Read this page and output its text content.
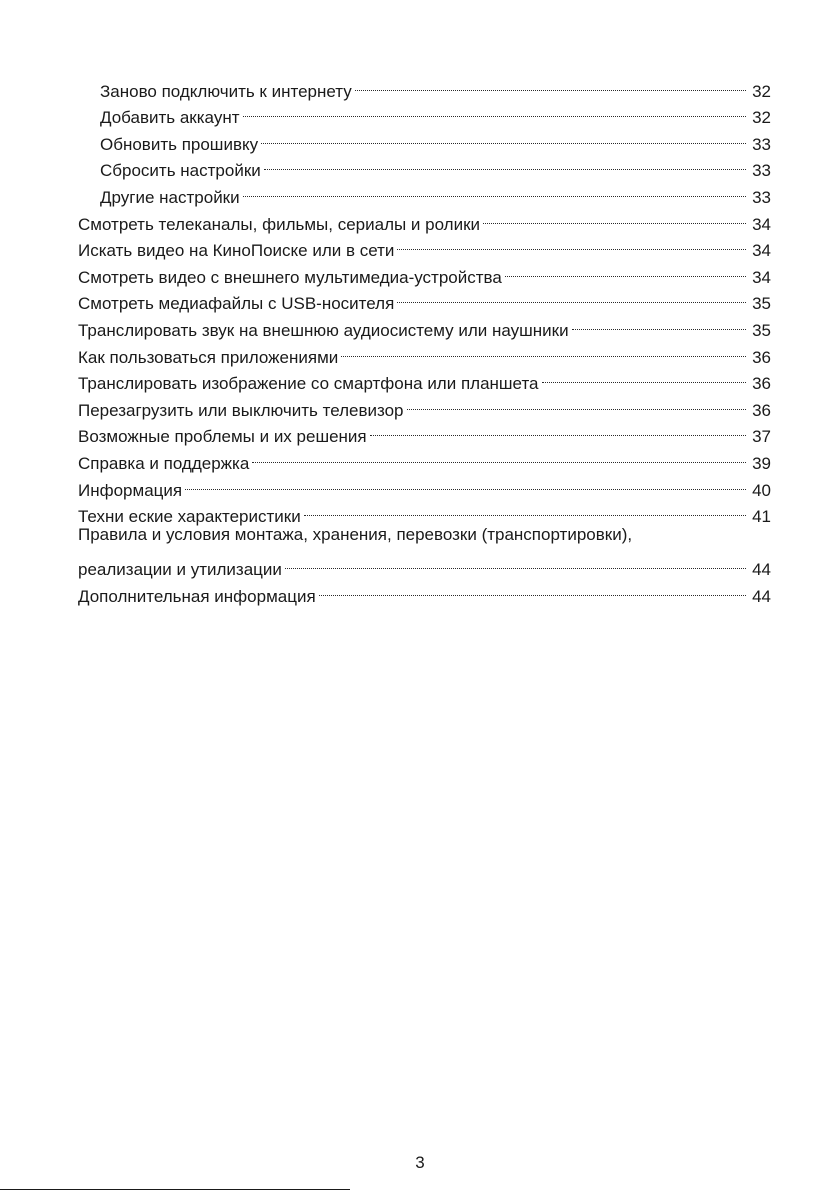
Заново подключить к интернету	32
Добавить аккаунт	32
Обновить прошивку	33
Сбросить настройки	33
Другие настройки	33
Смотреть телеканалы, фильмы, сериалы и ролики	34
Искать видео на КиноПоиске или в сети	34
Смотреть видео с внешнего мультимедиа-устройства	34
Смотреть медиафайлы с USB-носителя	35
Транслировать звук на внешнюю аудиосистему или наушники	35
Как пользоваться приложениями	36
Транслировать изображение со смартфона или планшета	36
Перезагрузить или выключить телевизор	36
Возможные проблемы и их решения	37
Справка и поддержка	39
Информация	40
Техни еские характеристики	41
Правила и условия монтажа, хранения, перевозки (транспортировки),
реализации и утилизации	44
Дополнительная информация	44
3
